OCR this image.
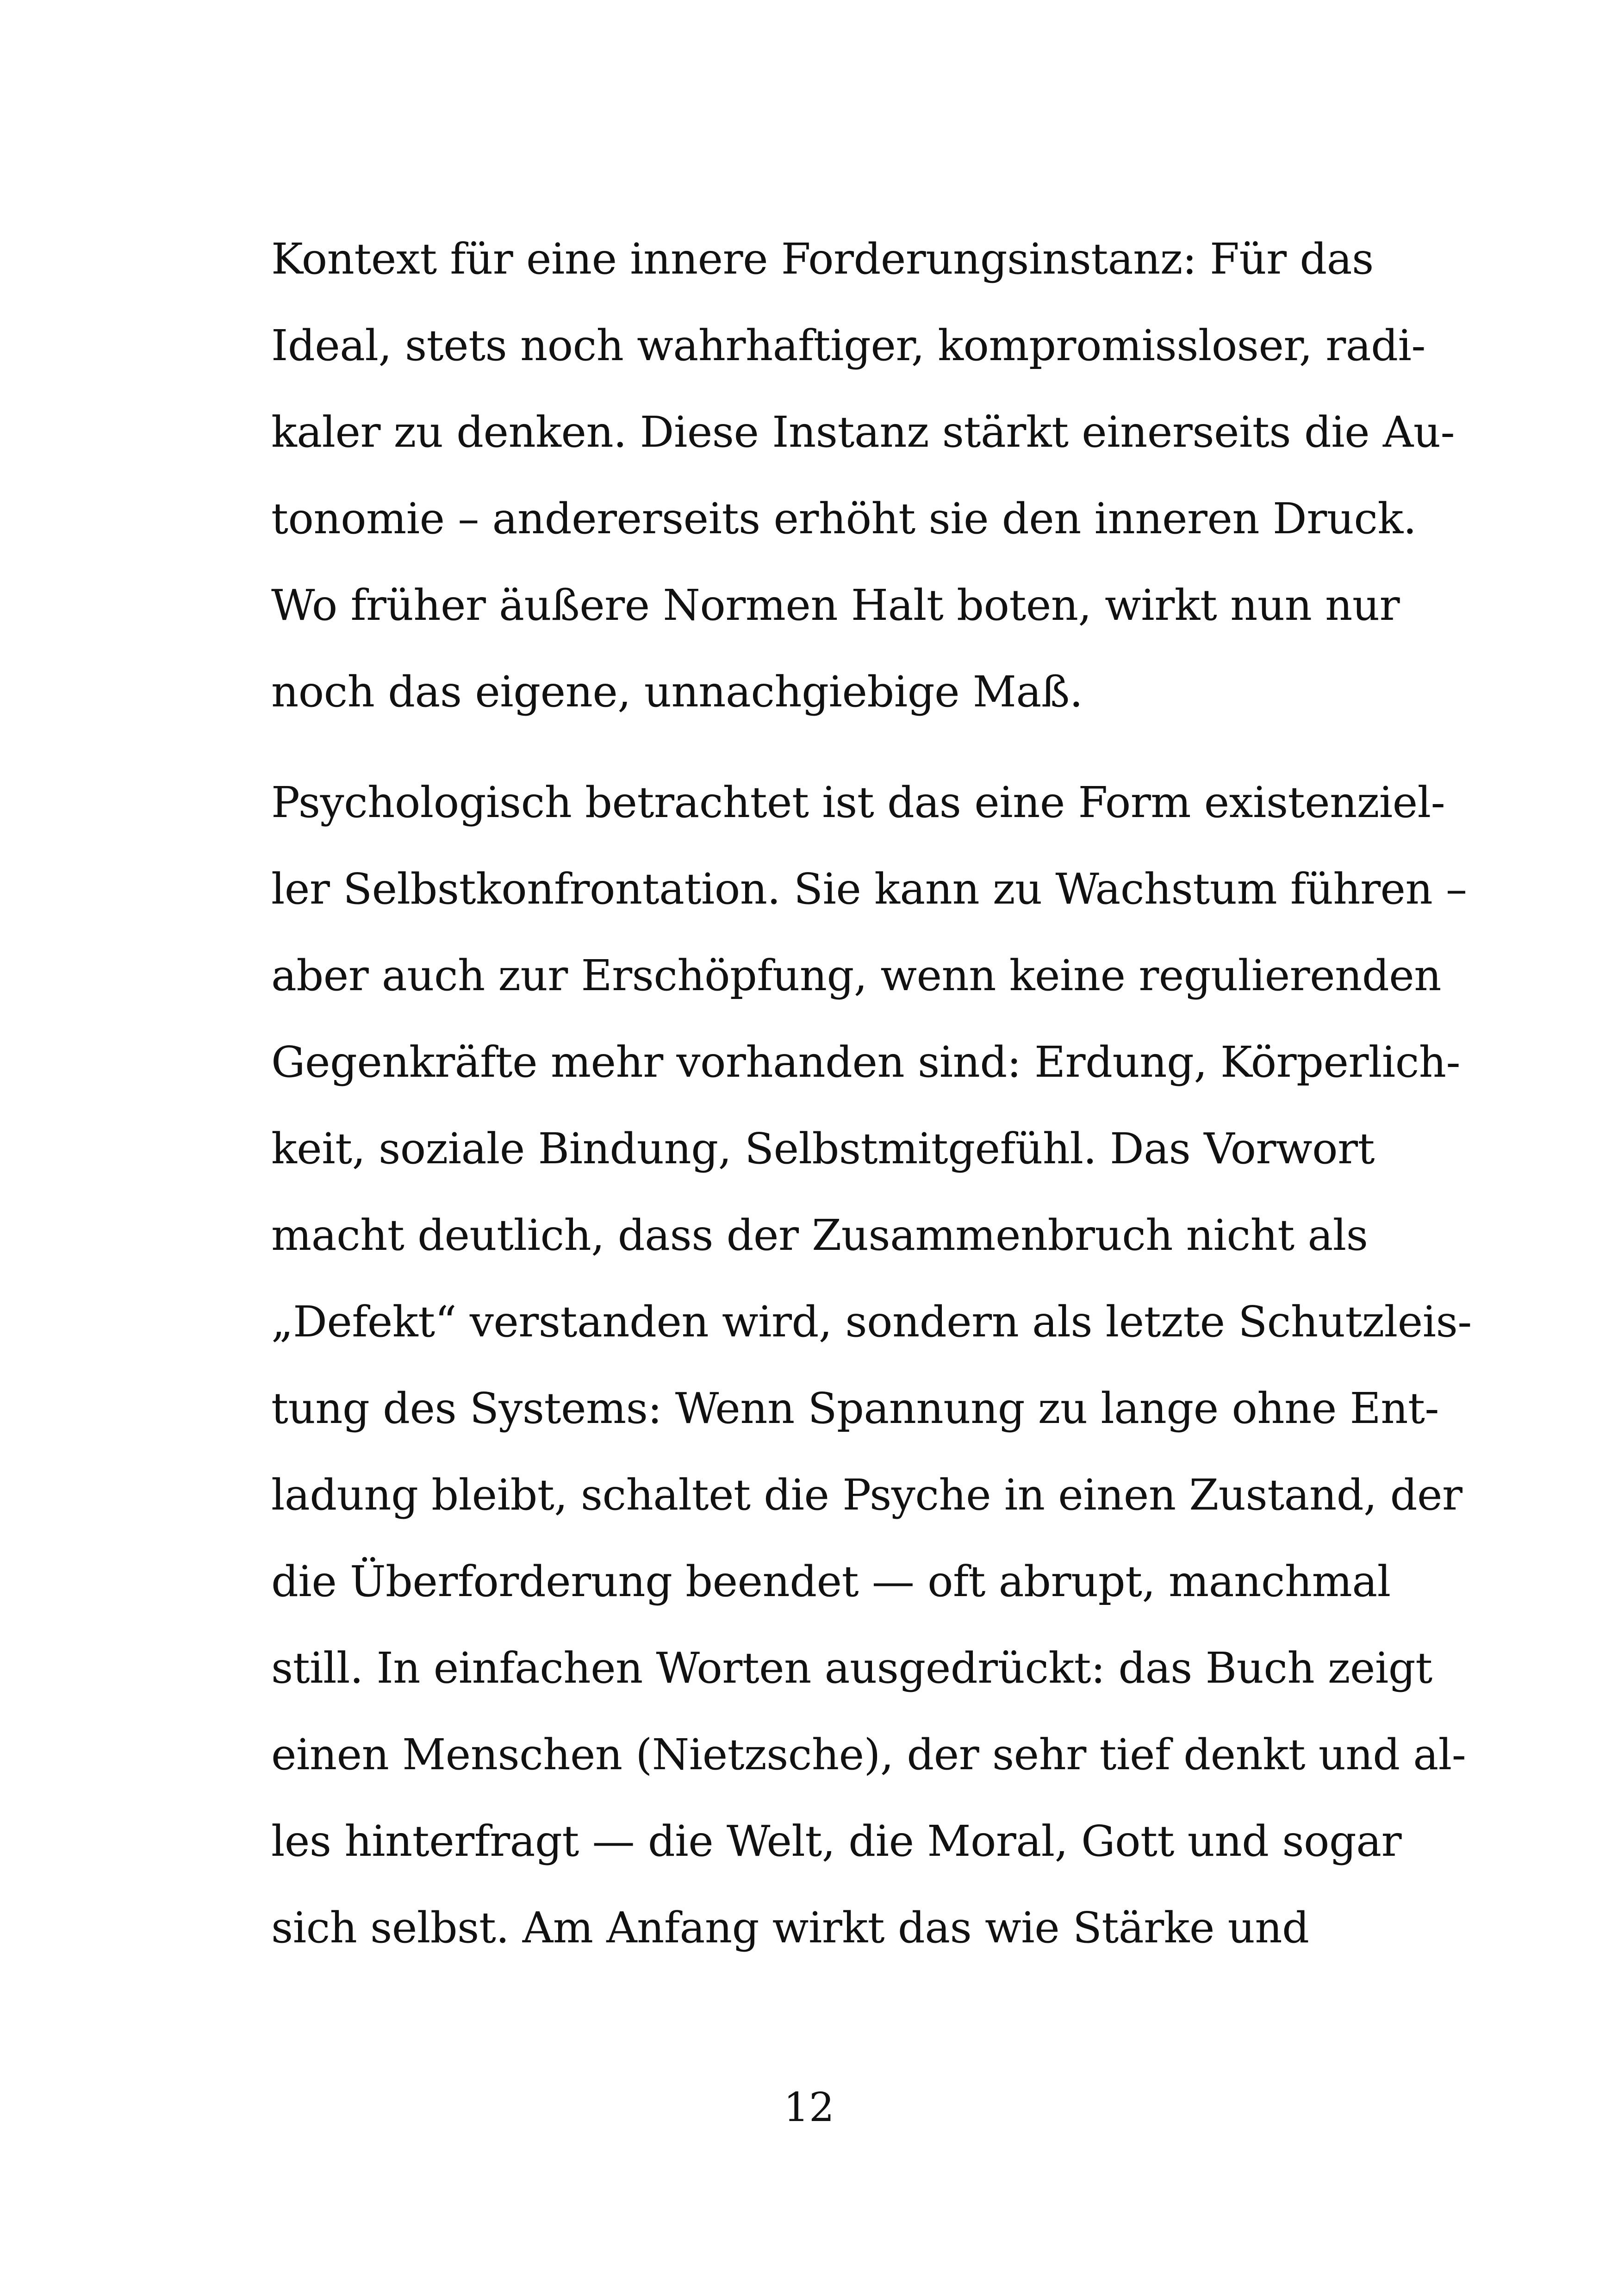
Kontext für eine innere Forderungsinstanz: Für das
Ideal, stets noch wahrhaftiger, kompromissloser, radi-
kaler zu denken. Diese Instanz stärkt einerseits die Au-
tonomie – andererseits erhöht sie den inneren Druck.
Wo früher äußere Normen Halt boten, wirkt nun nur
noch das eigene, unnachgiebige Maß.
Psychologisch betrachtet ist das eine Form existenziel-
ler Selbstkonfrontation. Sie kann zu Wachstum führen –
aber auch zur Erschöpfung, wenn keine regulierenden
Gegenkräfte mehr vorhanden sind: Erdung, Körperlich-
keit, soziale Bindung, Selbstmitgefühl. Das Vorwort
macht deutlich, dass der Zusammenbruch nicht als
„Defekt“ verstanden wird, sondern als letzte Schutzleis-
tung des Systems: Wenn Spannung zu lange ohne Ent-
ladung bleibt, schaltet die Psyche in einen Zustand, der
die Überforderung beendet — oft abrupt, manchmal
still. In einfachen Worten ausgedrückt: das Buch zeigt
einen Menschen (Nietzsche), der sehr tief denkt und al-
les hinterfragt — die Welt, die Moral, Gott und sogar
sich selbst. Am Anfang wirkt das wie Stärke und
12
